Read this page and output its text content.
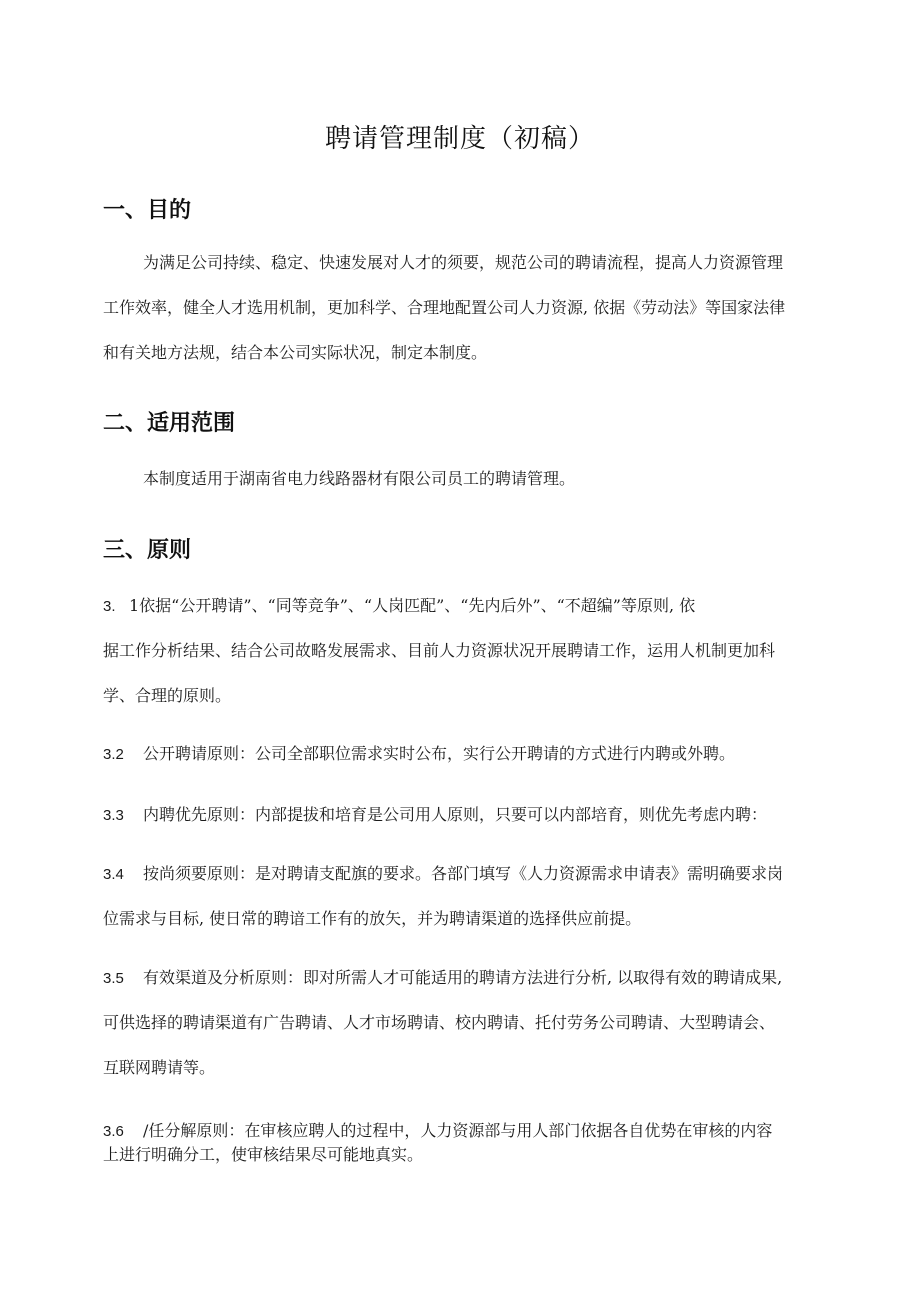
聘请管理制度（初稿）
一、目的
为满足公司持续、稳定、快速发展对人才的须要，规范公司的聘请流程，提高人力资源管理
工作效率，健全人才选用机制，更加科学、合理地配置公司人力资源, 依据《劳动法》等国家法律
和有关地方法规，结合本公司实际状况，制定本制度。
二、适用范围
本制度适用于湖南省电力线路器材有限公司员工的聘请管理。
三、原则
3. 1依据“公开聘请”、“同等竞争”、“人岗匹配”、“先内后外”、“不超编”等原则, 依
据工作分析结果、结合公司故略发展需求、目前人力资源状况开展聘请工作，运用人机制更加科
学、合理的原则。
3.2 公开聘请原则：公司全部职位需求实时公布，实行公开聘请的方式进行内聘或外聘。
3.3 内聘优先原则：内部提拔和培育是公司用人原则，只要可以内部培育，则优先考虑内聘：
3.4 按尚须要原则：是对聘请支配旗的要求。各部门填写《人力资源需求申请表》需明确要求岗
位需求与目标, 使日常的聘谙工作有的放矢，并为聘请渠道的选择供应前提。
3.5 有效渠道及分析原则：即对所需人才可能适用的聘请方法进行分析, 以取得有效的聘请成果,
可供选择的聘请渠道有广告聘请、人才市场聘请、校内聘请、托付劳务公司聘请、大型聘请会、
互联网聘请等。
3.6 /任分解原则：在审核应聘人的过程中，人力资源部与用人部门依据各自优势在审核的内容
上进行明确分工，使审核结果尽可能地真实。
